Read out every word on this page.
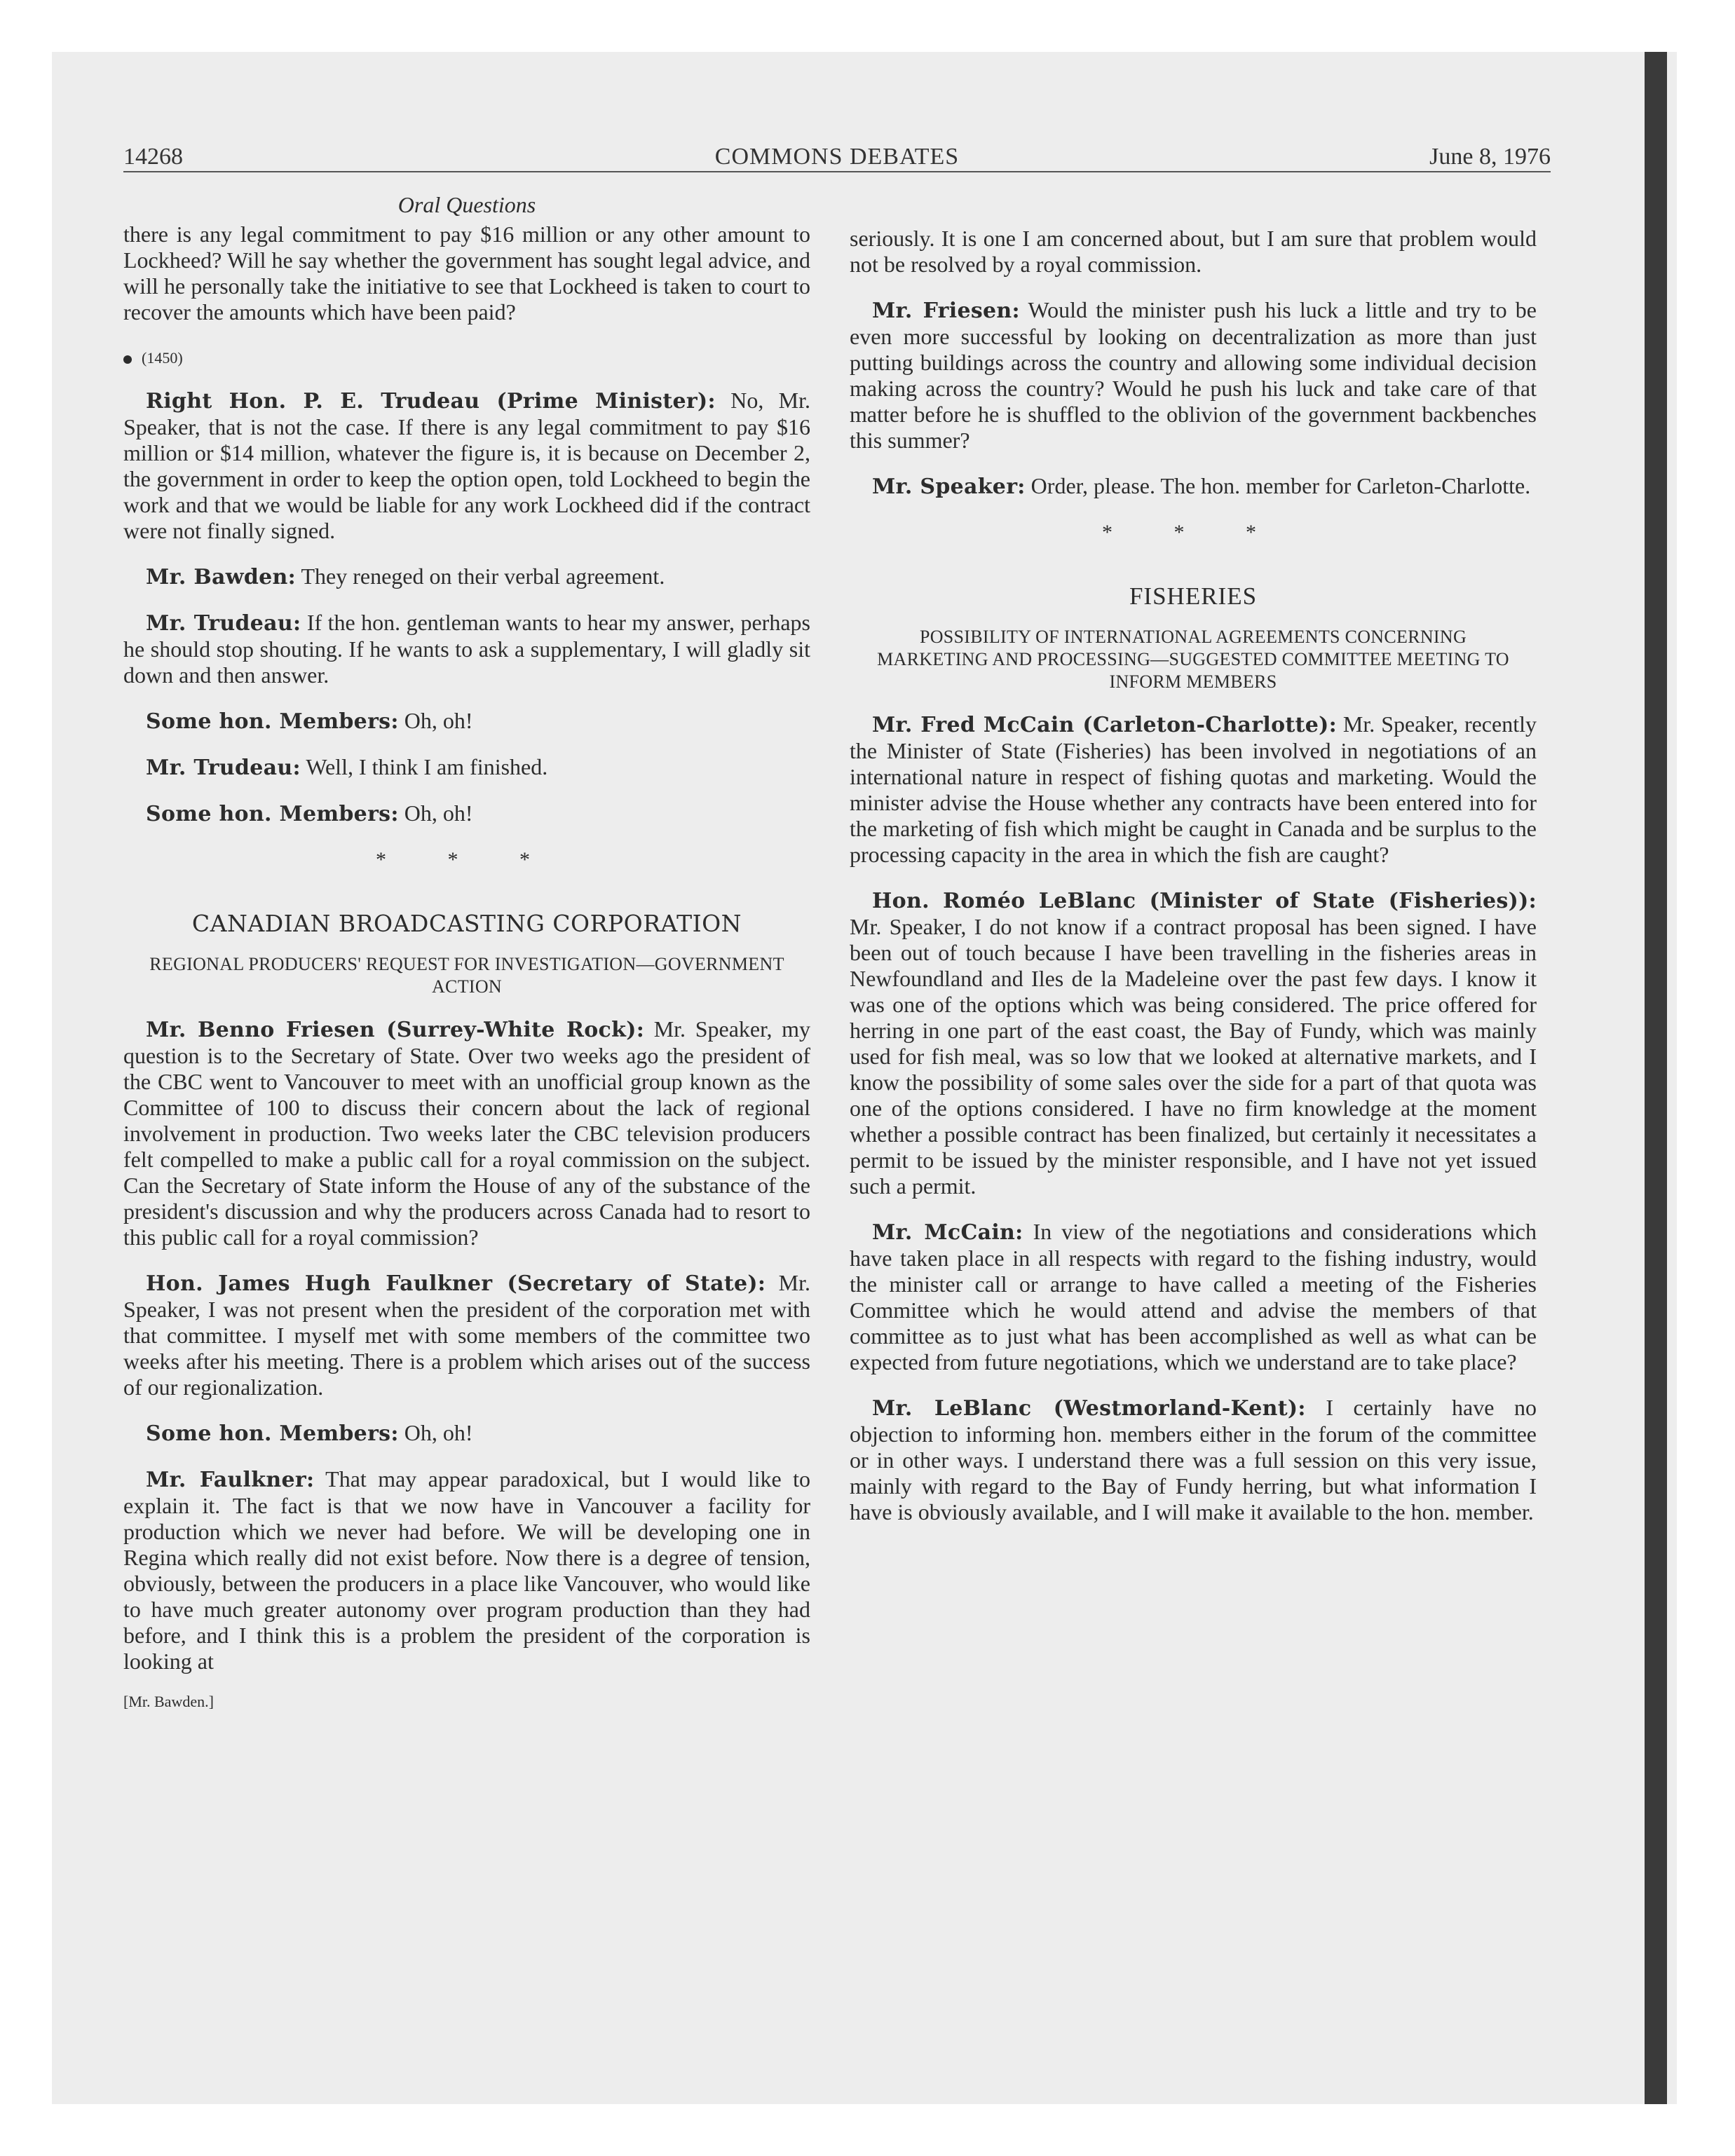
14268	COMMONS DEBATES	June 8, 1976
Oral Questions

there is any legal commitment to pay $16 million or any other amount to Lockheed? Will he say whether the government has sought legal advice, and will he personally take the initiative to see that Lockheed is taken to court to recover the amounts which have been paid?

(1450)

Right Hon. P. E. Trudeau (Prime Minister): No, Mr. Speaker, that is not the case. If there is any legal commitment to pay $16 million or $14 million, whatever the figure is, it is because on December 2, the government in order to keep the option open, told Lockheed to begin the work and that we would be liable for any work Lockheed did if the contract were not finally signed.

Mr. Bawden: They reneged on their verbal agreement.

Mr. Trudeau: If the hon. gentleman wants to hear my answer, perhaps he should stop shouting. If he wants to ask a supplementary, I will gladly sit down and then answer.

Some hon. Members: Oh, oh!

Mr. Trudeau: Well, I think I am finished.

Some hon. Members: Oh, oh!

* * *
CANADIAN BROADCASTING CORPORATION
REGIONAL PRODUCERS' REQUEST FOR INVESTIGATION—GOVERNMENT ACTION

Mr. Benno Friesen (Surrey-White Rock): Mr. Speaker, my question is to the Secretary of State. Over two weeks ago the president of the CBC went to Vancouver to meet with an unofficial group known as the Committee of 100 to discuss their concern about the lack of regional involvement in production. Two weeks later the CBC television producers felt compelled to make a public call for a royal commission on the subject. Can the Secretary of State inform the House of any of the substance of the president's discussion and why the producers across Canada had to resort to this public call for a royal commission?

Hon. James Hugh Faulkner (Secretary of State): Mr. Speaker, I was not present when the president of the corporation met with that committee. I myself met with some members of the committee two weeks after his meeting. There is a problem which arises out of the success of our regionalization.

Some hon. Members: Oh, oh!

Mr. Faulkner: That may appear paradoxical, but I would like to explain it. The fact is that we now have in Vancouver a facility for production which we never had before. We will be developing one in Regina which really did not exist before. Now there is a degree of tension, obviously, between the producers in a place like Vancouver, who would like to have much greater autonomy over program production than they had before, and I think this is a problem the president of the corporation is looking at

[Mr. Bawden.]

seriously. It is one I am concerned about, but I am sure that problem would not be resolved by a royal commission.

Mr. Friesen: Would the minister push his luck a little and try to be even more successful by looking on decentralization as more than just putting buildings across the country and allowing some individual decision making across the country? Would he push his luck and take care of that matter before he is shuffled to the oblivion of the government backbenches this summer?

Mr. Speaker: Order, please. The hon. member for Carleton-Charlotte.

* * *
FISHERIES
POSSIBILITY OF INTERNATIONAL AGREEMENTS CONCERNING MARKETING AND PROCESSING—SUGGESTED COMMITTEE MEETING TO INFORM MEMBERS

Mr. Fred McCain (Carleton-Charlotte): Mr. Speaker, recently the Minister of State (Fisheries) has been involved in negotiations of an international nature in respect of fishing quotas and marketing. Would the minister advise the House whether any contracts have been entered into for the marketing of fish which might be caught in Canada and be surplus to the processing capacity in the area in which the fish are caught?

Hon. Roméo LeBlanc (Minister of State (Fisheries)): Mr. Speaker, I do not know if a contract proposal has been signed. I have been out of touch because I have been travelling in the fisheries areas in Newfoundland and Iles de la Madeleine over the past few days. I know it was one of the options which was being considered. The price offered for herring in one part of the east coast, the Bay of Fundy, which was mainly used for fish meal, was so low that we looked at alternative markets, and I know the possibility of some sales over the side for a part of that quota was one of the options considered. I have no firm knowledge at the moment whether a possible contract has been finalized, but certainly it necessitates a permit to be issued by the minister responsible, and I have not yet issued such a permit.

Mr. McCain: In view of the negotiations and considerations which have taken place in all respects with regard to the fishing industry, would the minister call or arrange to have called a meeting of the Fisheries Committee which he would attend and advise the members of that committee as to just what has been accomplished as well as what can be expected from future negotiations, which we understand are to take place?

Mr. LeBlanc (Westmorland-Kent): I certainly have no objection to informing hon. members either in the forum of the committee or in other ways. I understand there was a full session on this very issue, mainly with regard to the Bay of Fundy herring, but what information I have is obviously available, and I will make it available to the hon. member.
